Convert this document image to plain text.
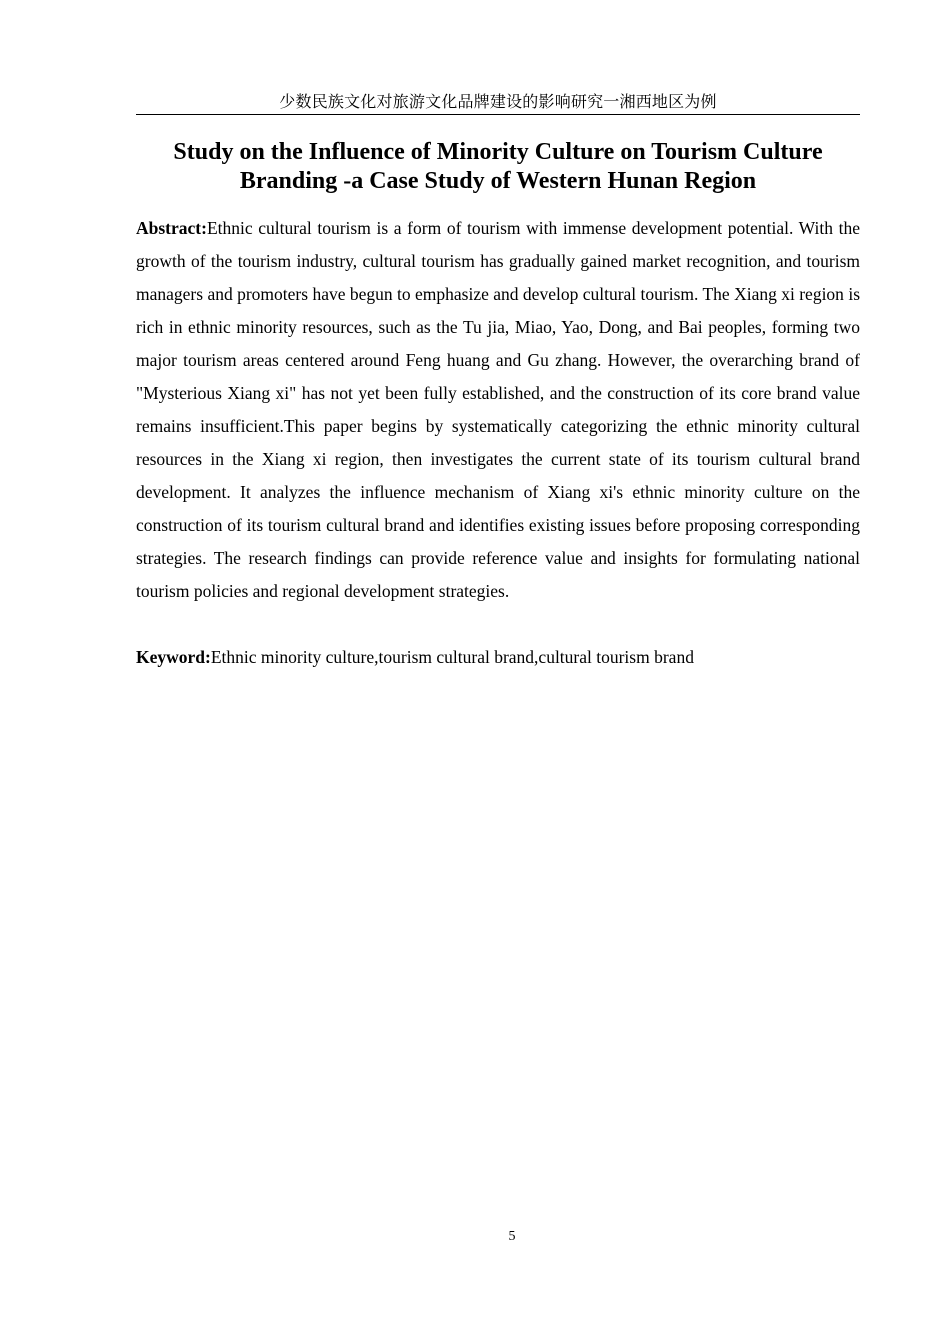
少数民族文化对旅游文化品牌建设的影响研究一湘西地区为例
Study on the Influence of Minority Culture on Tourism Culture Branding -a Case Study of Western Hunan Region

Abstract:Ethnic cultural tourism is a form of tourism with immense development potential. With the growth of the tourism industry, cultural tourism has gradually gained market recognition, and tourism managers and promoters have begun to emphasize and develop cultural tourism. The Xiang xi region is rich in ethnic minority resources, such as the Tu jia, Miao, Yao, Dong, and Bai peoples, forming two major tourism areas centered around Feng huang and Gu zhang. However, the overarching brand of "Mysterious Xiang xi" has not yet been fully established, and the construction of its core brand value remains insufficient.This paper begins by systematically categorizing the ethnic minority cultural resources in the Xiang xi region, then investigates the current state of its tourism cultural brand development. It analyzes the influence mechanism of Xiang xi's ethnic minority culture on the construction of its tourism cultural brand and identifies existing issues before proposing corresponding strategies. The research findings can provide reference value and insights for formulating national tourism policies and regional development strategies.

Keyword:Ethnic minority culture,tourism cultural brand,cultural tourism brand

5
